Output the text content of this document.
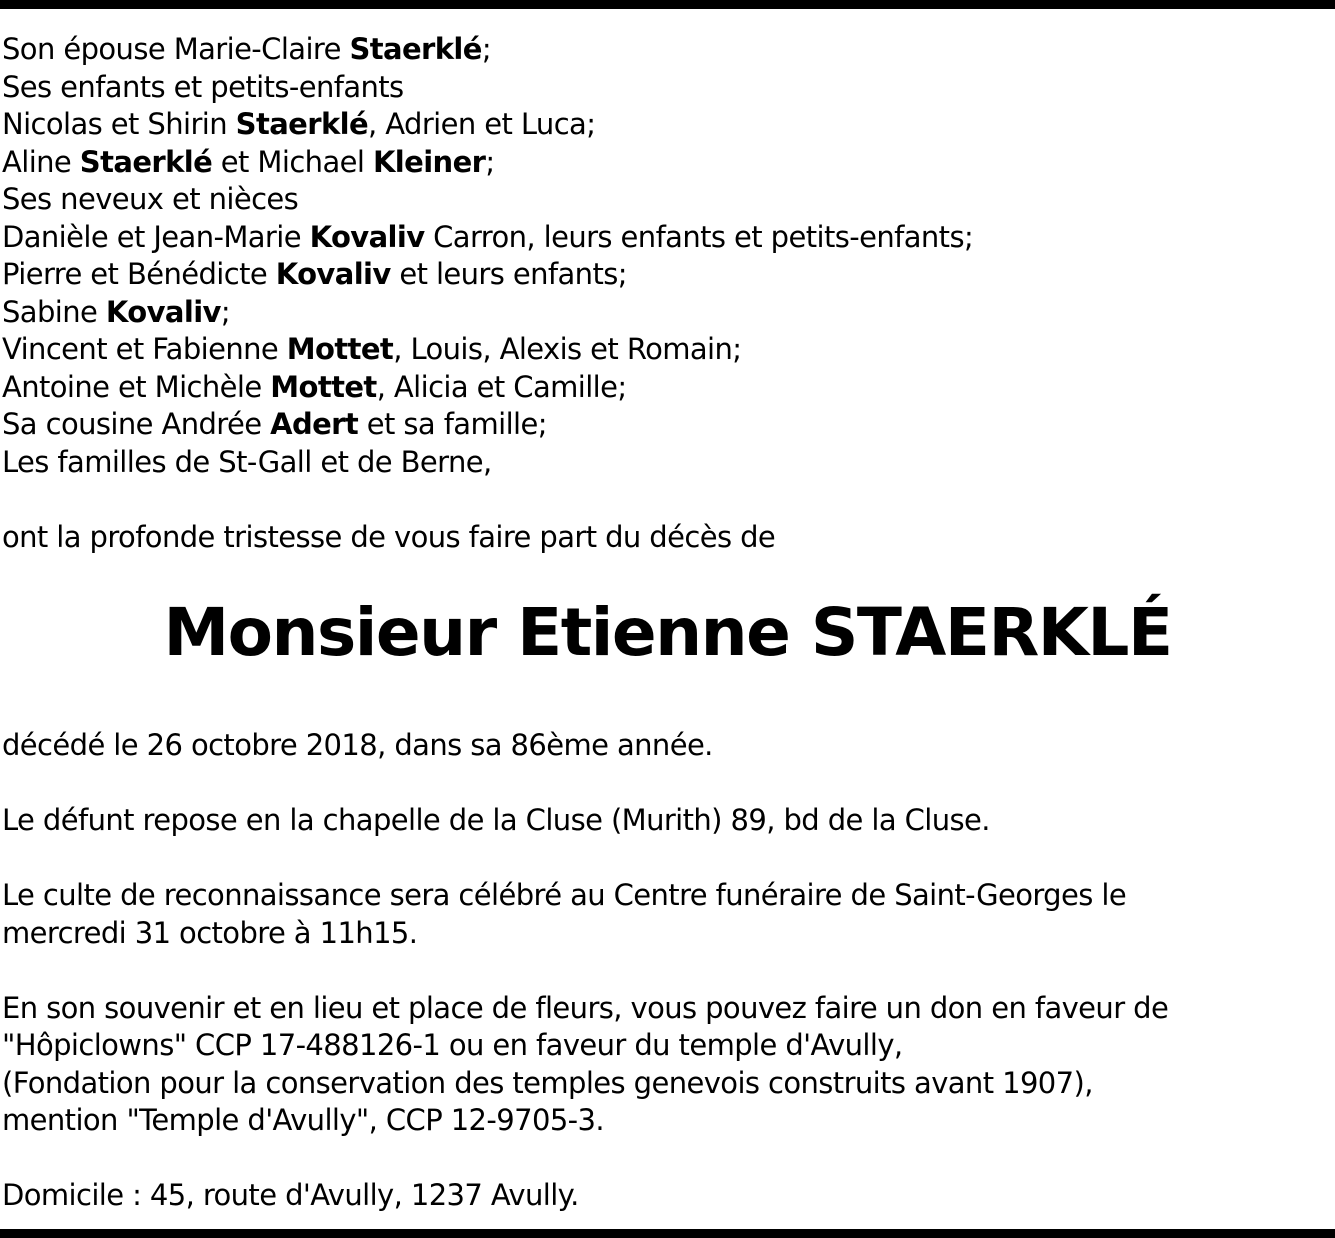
Son épouse Marie-Claire Staerklé;
Ses enfants et petits-enfants
Nicolas et Shirin Staerklé, Adrien et Luca;
Aline Staerklé et Michael Kleiner;
Ses neveux et nièces
Danièle et Jean-Marie Kovaliv Carron, leurs enfants et petits-enfants;
Pierre et Bénédicte Kovaliv et leurs enfants;
Sabine Kovaliv;
Vincent et Fabienne Mottet, Louis, Alexis et Romain;
Antoine et Michèle Mottet, Alicia et Camille;
Sa cousine Andrée Adert et sa famille;
Les familles de St-Gall et de Berne,
ont la profonde tristesse de vous faire part du décès de
Monsieur Etienne STAERKLÉ
décédé le 26 octobre 2018, dans sa 86ème année.
Le défunt repose en la chapelle de la Cluse (Murith) 89, bd de la Cluse.
Le culte de reconnaissance sera célébré au Centre funéraire de Saint-Georges le
mercredi 31 octobre à 11h15.
En son souvenir et en lieu et place de fleurs, vous pouvez faire un don en faveur de
"Hôpiclowns" CCP 17-488126-1 ou en faveur du temple d'Avully,
(Fondation pour la conservation des temples genevois construits avant 1907),
mention "Temple d'Avully", CCP 12-9705-3.
Domicile : 45, route d'Avully, 1237 Avully.
